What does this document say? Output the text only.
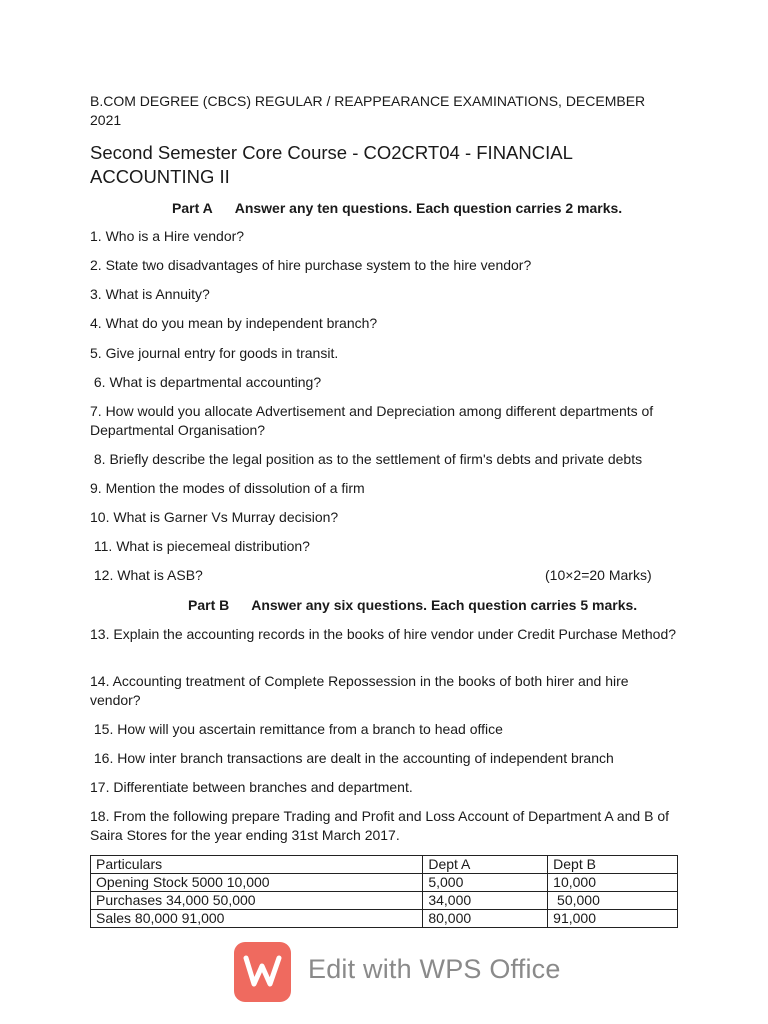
B.COM DEGREE (CBCS) REGULAR / REAPPEARANCE EXAMINATIONS, DECEMBER 2021
Second Semester Core Course - CO2CRT04 - FINANCIAL ACCOUNTING II
Part A Answer any ten questions. Each question carries 2 marks.
1. Who is a Hire vendor?
2. State two disadvantages of hire purchase system to the hire vendor?
3. What is Annuity?
4. What do you mean by independent branch?
5. Give journal entry for goods in transit.
6. What is departmental accounting?
7. How would you allocate Advertisement and Depreciation among different departments of Departmental Organisation?
8. Briefly describe the legal position as to the settlement of firm's debts and private debts
9. Mention the modes of dissolution of a firm
10. What is Garner Vs Murray decision?
11. What is piecemeal distribution?
12. What is ASB?	(10×2=20 Marks)
Part B Answer any six questions. Each question carries 5 marks.
13. Explain the accounting records in the books of hire vendor under Credit Purchase Method?
14. Accounting treatment of Complete Repossession in the books of both hirer and hire vendor?
15. How will you ascertain remittance from a branch to head office
16. How inter branch transactions are dealt in the accounting of independent branch
17. Differentiate between branches and department.
18. From the following prepare Trading and Profit and Loss Account of Department A and B of Saira Stores for the year ending 31st March 2017.
Particulars	Dept A	Dept B
Opening Stock 5000 10,000	5,000	10,000
Purchases 34,000 50,000	34,000	50,000
Sales 80,000 91,000	80,000	91,000
Edit with WPS Office
